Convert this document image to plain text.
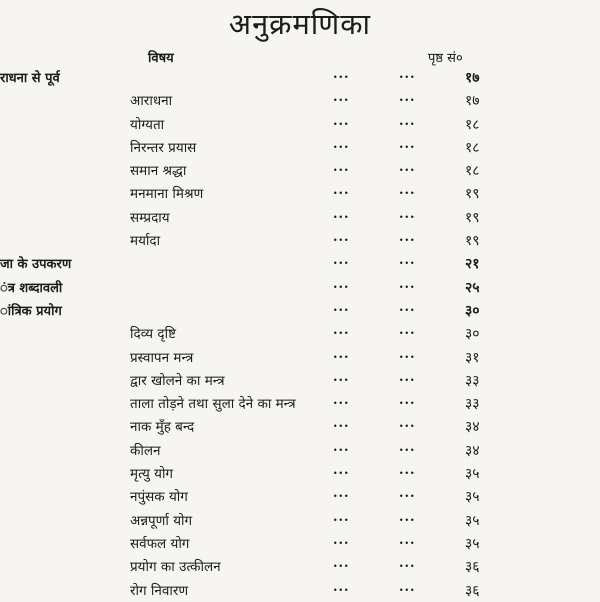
अनुक्रमणिका
विषय	पृष्ठ सं०
राधना से पूर्व	...	...	१७
आराधना	...	...	१७
योग्यता	...	...	१८
निरन्तर प्रयास	...	...	१८
समान श्रद्धा	...	...	१८
मनमाना मिश्रण	...	...	१९
सम्प्रदाय	...	...	१९
मर्यादा	...	...	१९
जा के उपकरण	...	...	२१
ंत्र शब्दावली	...	...	२५
ांत्रिक प्रयोग	...	...	३०
दिव्य दृष्टि	...	...	३०
प्रस्वापन मन्त्र	...	...	३१
द्वार खोलने का मन्त्र	...	...	३३
ताला तोड़ने तथा सुला देने का मन्त्र	...	...	३३
नाक मुँह बन्द	...	...	३४
कीलन	...	...	३४
मृत्यु योग	...	...	३५
नपुंसक योग	...	...	३५
अन्नपूर्णा योग	...	...	३५
सर्वफल योग	...	...	३५
प्रयोग का उत्कीलन	...	...	३६
रोग निवारण	...	...	३६
